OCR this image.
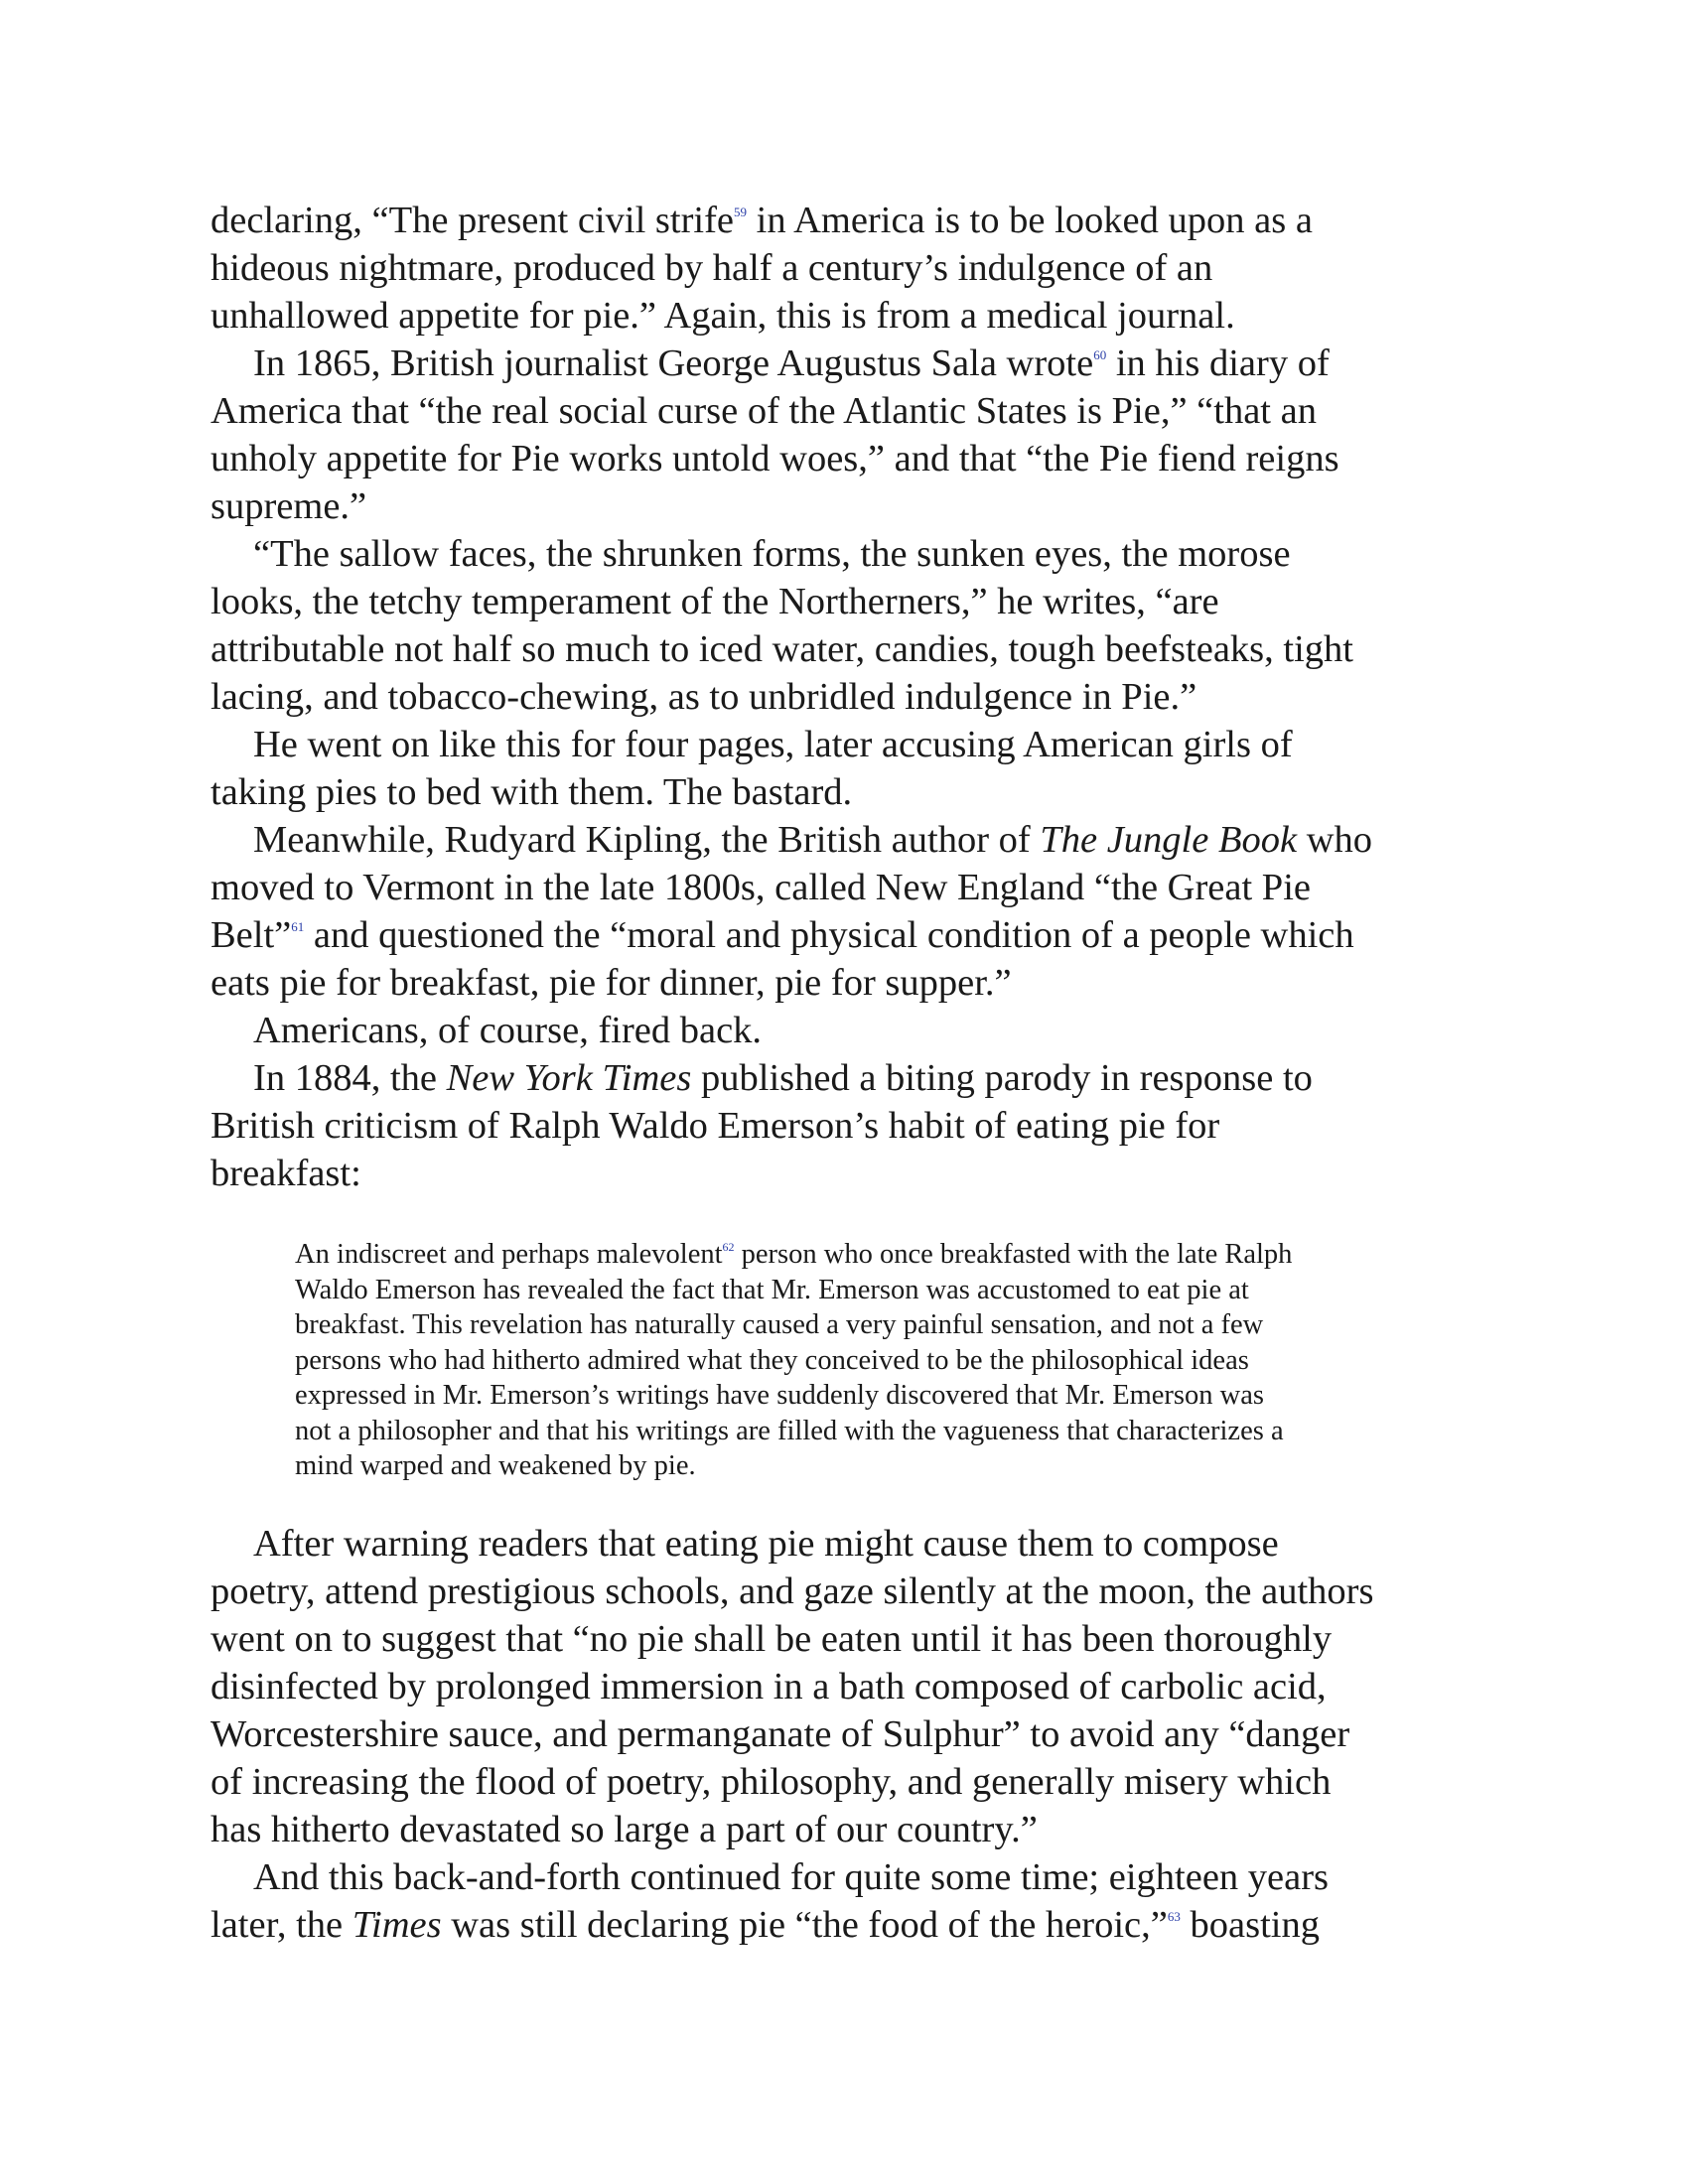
declaring, “The present civil strife$^{59}$ in America is to be looked upon as a
hideous nightmare, produced by half a century’s indulgence of an
unhallowed appetite for pie.” Again, this is from a medical journal.
In 1865, British journalist George Augustus Sala wrote$^{60}$ in his diary of
America that “the real social curse of the Atlantic States is Pie,” “that an
unholy appetite for Pie works untold woes,” and that “the Pie fiend reigns
supreme.”
“The sallow faces, the shrunken forms, the sunken eyes, the morose
looks, the tetchy temperament of the Northerners,” he writes, “are
attributable not half so much to iced water, candies, tough beefsteaks, tight
lacing, and tobacco-chewing, as to unbridled indulgence in Pie.”
He went on like this for four pages, later accusing American girls of
taking pies to bed with them. The bastard.
Meanwhile, Rudyard Kipling, the British author of The Jungle Book who
moved to Vermont in the late 1800s, called New England “the Great Pie
Belt”$^{61}$ and questioned the “moral and physical condition of a people which
eats pie for breakfast, pie for dinner, pie for supper.”
Americans, of course, fired back.
In 1884, the New York Times published a biting parody in response to
British criticism of Ralph Waldo Emerson’s habit of eating pie for
breakfast:
An indiscreet and perhaps malevolent$^{62}$ person who once breakfasted with the late Ralph
Waldo Emerson has revealed the fact that Mr. Emerson was accustomed to eat pie at
breakfast. This revelation has naturally caused a very painful sensation, and not a few
persons who had hitherto admired what they conceived to be the philosophical ideas
expressed in Mr. Emerson’s writings have suddenly discovered that Mr. Emerson was
not a philosopher and that his writings are filled with the vagueness that characterizes a
mind warped and weakened by pie.
After warning readers that eating pie might cause them to compose
poetry, attend prestigious schools, and gaze silently at the moon, the authors
went on to suggest that “no pie shall be eaten until it has been thoroughly
disinfected by prolonged immersion in a bath composed of carbolic acid,
Worcestershire sauce, and permanganate of Sulphur” to avoid any “danger
of increasing the flood of poetry, philosophy, and generally misery which
has hitherto devastated so large a part of our country.”
And this back-and-forth continued for quite some time; eighteen years
later, the Times was still declaring pie “the food of the heroic,”$^{63}$ boasting
